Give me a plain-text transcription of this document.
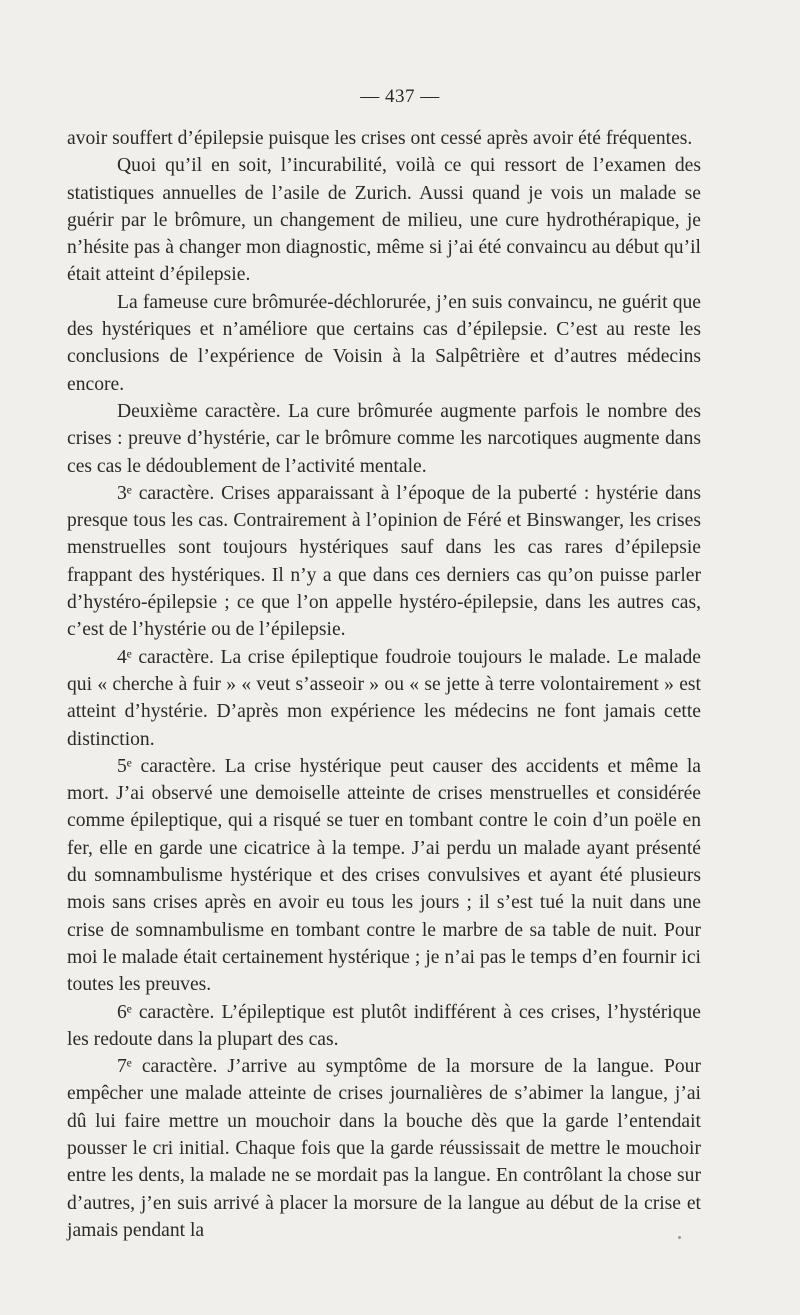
— 437 —

avoir souffert d’épilepsie puisque les crises ont cessé après avoir été fréquentes.

Quoi qu’il en soit, l’incurabilité, voilà ce qui ressort de l’examen des statistiques annuelles de l’asile de Zurich. Aussi quand je vois un malade se guérir par le brômure, un changement de milieu, une cure hydrothérapique, je n’hésite pas à changer mon diagnostic, même si j’ai été convaincu au début qu’il était atteint d’épilepsie.

La fameuse cure brômurée-déchlorurée, j’en suis convaincu, ne guérit que des hystériques et n’améliore que certains cas d’épilepsie. C’est au reste les conclusions de l’expérience de Voisin à la Salpêtrière et d’autres médecins encore.

Deuxième caractère. La cure brômurée augmente parfois le nombre des crises : preuve d’hystérie, car le brômure comme les narcotiques augmente dans ces cas le dédoublement de l’activité mentale.

3ᵉ caractère. Crises apparaissant à l’époque de la puberté : hystérie dans presque tous les cas. Contrairement à l’opinion de Féré et Binswanger, les crises menstruelles sont toujours hystériques sauf dans les cas rares d’épilepsie frappant des hystériques. Il n’y a que dans ces derniers cas qu’on puisse parler d’hystéro-épilepsie ; ce que l’on appelle hystéro-épilepsie, dans les autres cas, c’est de l’hystérie ou de l’épilepsie.

4ᵉ caractère. La crise épileptique foudroie toujours le malade. Le malade qui « cherche à fuir » « veut s’asseoir » ou « se jette à terre volontairement » est atteint d’hystérie. D’après mon expérience les médecins ne font jamais cette distinction.

5ᵉ caractère. La crise hystérique peut causer des accidents et même la mort. J’ai observé une demoiselle atteinte de crises menstruelles et considérée comme épileptique, qui a risqué se tuer en tombant contre le coin d’un poële en fer, elle en garde une cicatrice à la tempe. J’ai perdu un malade ayant présenté du somnambulisme hystérique et des crises convulsives et ayant été plusieurs mois sans crises après en avoir eu tous les jours ; il s’est tué la nuit dans une crise de somnambulisme en tombant contre le marbre de sa table de nuit. Pour moi le malade était certainement hystérique ; je n’ai pas le temps d’en fournir ici toutes les preuves.

6ᵉ caractère. L’épileptique est plutôt indifférent à ces crises, l’hystérique les redoute dans la plupart des cas.

7ᵉ caractère. J’arrive au symptôme de la morsure de la langue. Pour empêcher une malade atteinte de crises journalières de s’abimer la langue, j’ai dû lui faire mettre un mouchoir dans la bouche dès que la garde l’entendait pousser le cri initial. Chaque fois que la garde réussissait de mettre le mouchoir entre les dents, la malade ne se mordait pas la langue. En contrôlant la chose sur d’autres, j’en suis arrivé à placer la morsure de la langue au début de la crise et jamais pendant la
